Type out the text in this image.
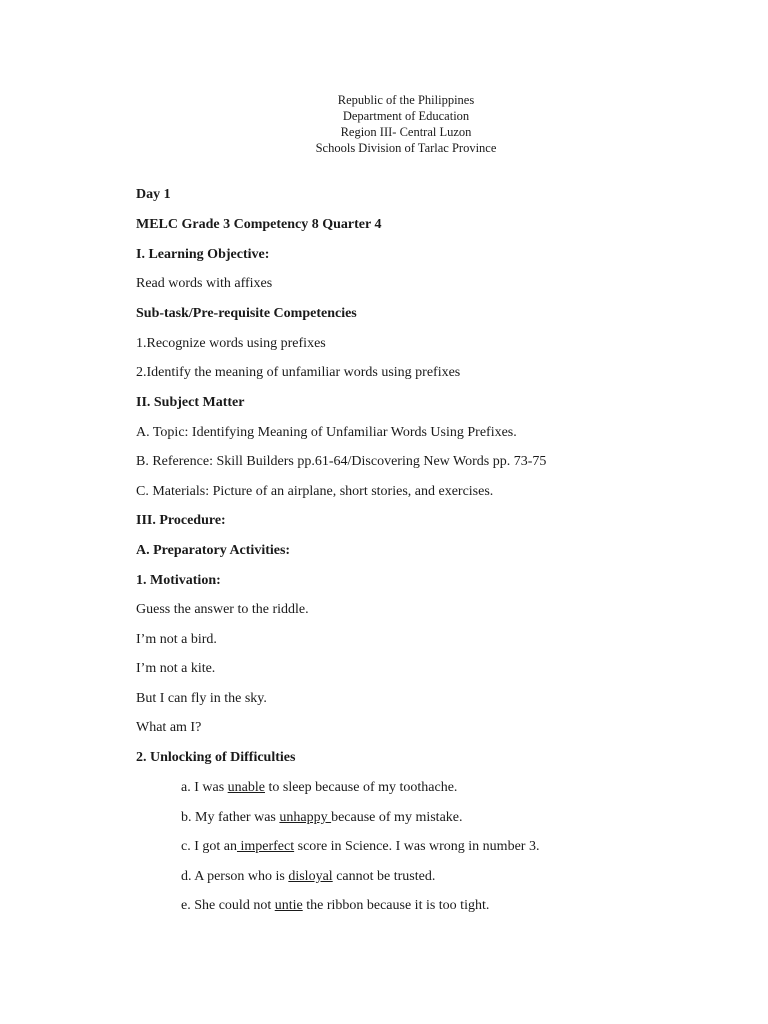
Republic of the Philippines
Department of Education
Region III- Central Luzon
Schools Division of Tarlac Province
Day 1
MELC Grade 3 Competency 8 Quarter 4
I. Learning Objective:
Read words with affixes
Sub-task/Pre-requisite Competencies
1.Recognize words using prefixes
2.Identify the meaning of unfamiliar words using prefixes
II. Subject Matter
A. Topic: Identifying Meaning of Unfamiliar Words Using Prefixes.
B. Reference: Skill Builders pp.61-64/Discovering New Words pp. 73-75
C. Materials: Picture of an airplane, short stories, and exercises.
III. Procedure:
A. Preparatory Activities:
1. Motivation:
Guess the answer to the riddle.
I’m not a bird.
I’m not a kite.
But I can fly in the sky.
What am I?
2. Unlocking of Difficulties
a. I was unable to sleep because of my toothache.
b. My father was unhappy because of my mistake.
c. I got an imperfect score in Science. I was wrong in number 3.
d. A person who is disloyal cannot be trusted.
e. She could not untie the ribbon because it is too tight.
